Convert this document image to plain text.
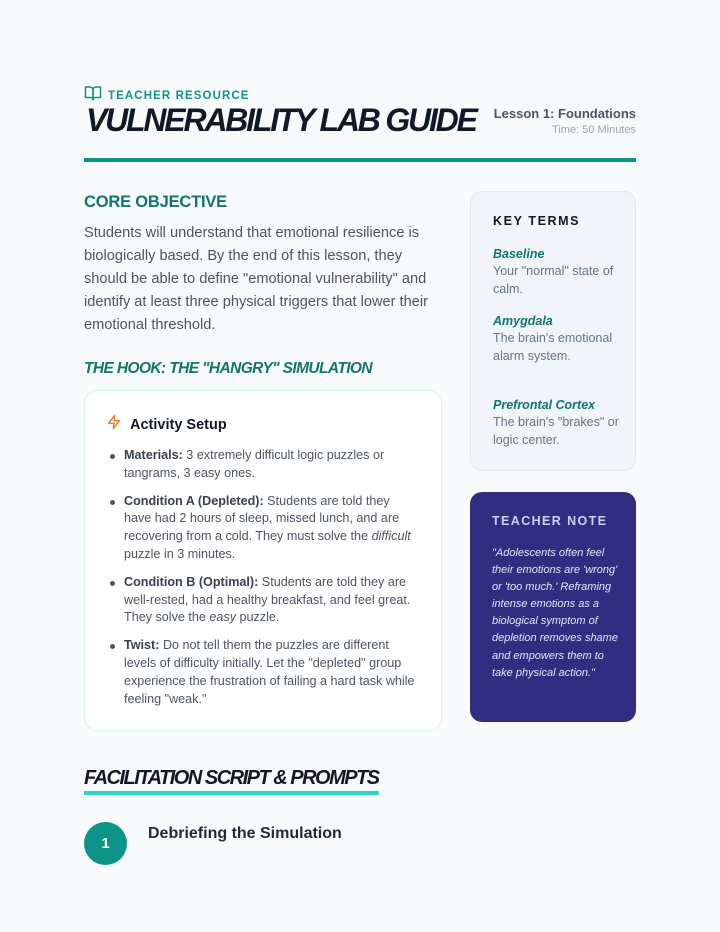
TEACHER RESOURCE
VULNERABILITY LAB GUIDE Lesson 1: Foundations
Time: 50 Minutes
CORE OBJECTIVE

Students will understand that emotional resilience is biologically based. By the end of this lesson, they should be able to define "emotional vulnerability" and identify at least three physical triggers that lower their emotional threshold.

THE HOOK: THE "HANGRY" SIMULATION
Activity Setup
Materials: 3 extremely difficult logic puzzles or tangrams, 3 easy ones.
Condition A (Depleted): Students are told they have had 2 hours of sleep, missed lunch, and are recovering from a cold. They must solve the difficult puzzle in 3 minutes.
Condition B (Optimal): Students are told they are well-rested, had a healthy breakfast, and feel great. They solve the easy puzzle.
Twist: Do not tell them the puzzles are different levels of difficulty initially. Let the "depleted" group experience the frustration of failing a hard task while feeling "weak."
KEY TERMS
Baseline
Your "normal" state of calm.
Amygdala
The brain's emotional alarm system.
Prefrontal Cortex
The brain's "brakes" or logic center.
TEACHER NOTE

"Adolescents often feel their emotions are 'wrong' or 'too much.' Reframing intense emotions as a biological symptom of depletion removes shame and empowers them to take physical action."

FACILITATION SCRIPT & PROMPTS
1
Debriefing the Simulation
